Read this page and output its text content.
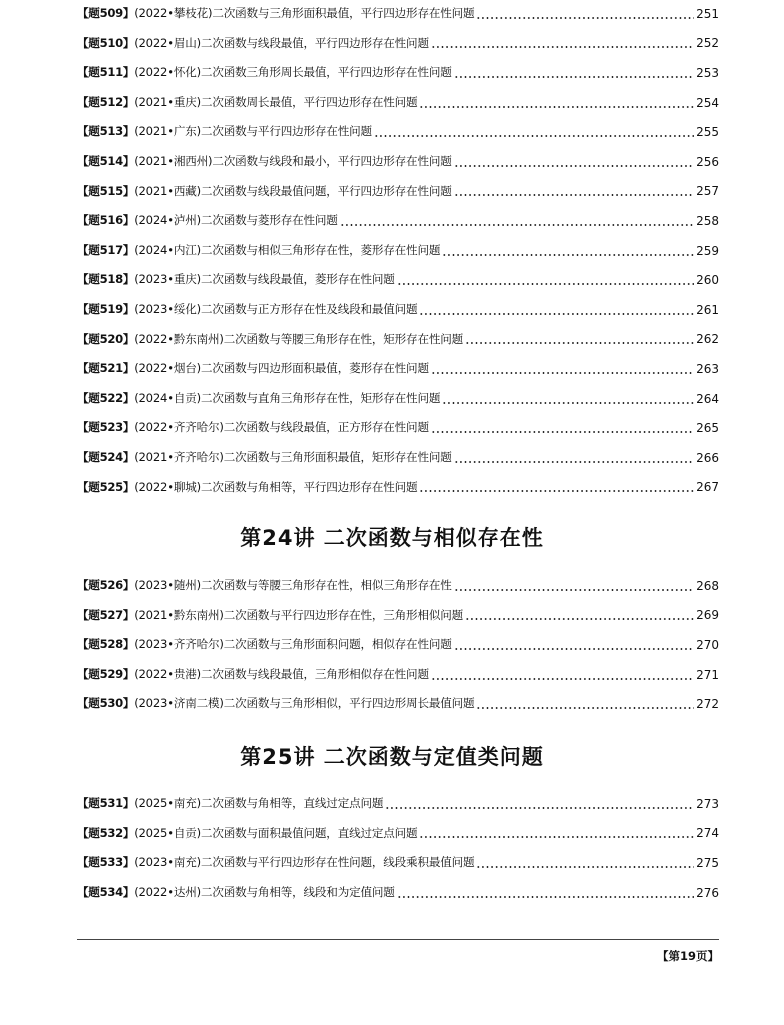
【题509】 (2022•攀枝花)二次函数与三角形面积最值，平行四边形存在性问题	251
【题510】 (2022•眉山)二次函数与线段最值，平行四边形存在性问题	252
【题511】 (2022•怀化)二次函数三角形周长最值，平行四边形存在性问题	253
【题512】 (2021•重庆)二次函数周长最值，平行四边形存在性问题	254
【题513】 (2021•广东)二次函数与平行四边形存在性问题	255
【题514】 (2021•湘西州)二次函数与线段和最小，平行四边形存在性问题	256
【题515】 (2021•西藏)二次函数与线段最值问题，平行四边形存在性问题	257
【题516】 (2024•泸州)二次函数与菱形存在性问题	258
【题517】 (2024•内江)二次函数与相似三角形存在性，菱形存在性问题	259
【题518】 (2023•重庆)二次函数与线段最值，菱形存在性问题	260
【题519】 (2023•绥化)二次函数与正方形存在性及线段和最值问题	261
【题520】 (2022•黔东南州)二次函数与等腰三角形存在性，矩形存在性问题	262
【题521】 (2022•烟台)二次函数与四边形面积最值，菱形存在性问题	263
【题522】 (2024•自贡)二次函数与直角三角形存在性，矩形存在性问题	264
【题523】 (2022•齐齐哈尔)二次函数与线段最值，正方形存在性问题	265
【题524】 (2021•齐齐哈尔)二次函数与三角形面积最值，矩形存在性问题	266
【题525】 (2022•聊城)二次函数与角相等，平行四边形存在性问题	267
第24讲 二次函数与相似存在性
【题526】 (2023•随州)二次函数与等腰三角形存在性，相似三角形存在性	268
【题527】 (2021•黔东南州)二次函数与平行四边形存在性，三角形相似问题	269
【题528】 (2023•齐齐哈尔)二次函数与三角形面积问题，相似存在性问题	270
【题529】 (2022•贵港)二次函数与线段最值，三角形相似存在性问题	271
【题530】 (2023•济南二模)二次函数与三角形相似，平行四边形周长最值问题	272
第25讲 二次函数与定值类问题
【题531】 (2025•南充)二次函数与角相等，直线过定点问题	273
【题532】 (2025•自贡)二次函数与面积最值问题，直线过定点问题	274
【题533】 (2023•南充)二次函数与平行四边形存在性问题，线段乘积最值问题	275
【题534】 (2022•达州)二次函数与角相等，线段和为定值问题	276
【第19页】
